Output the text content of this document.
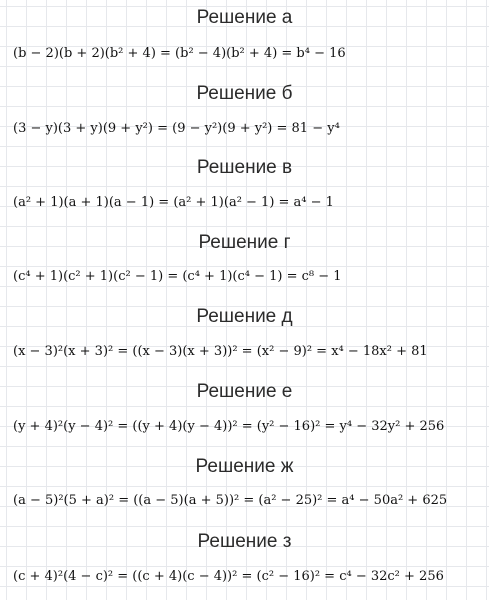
Решение а
(b − 2)(b + 2)(b² + 4) = (b² − 4)(b² + 4) = b⁴ − 16
Решение б
(3 − y)(3 + y)(9 + y²) = (9 − y²)(9 + y²) = 81 − y⁴
Решение в
(a² + 1)(a + 1)(a − 1) = (a² + 1)(a² − 1) = a⁴ − 1
Решение г
(c⁴ + 1)(c² + 1)(c² − 1) = (c⁴ + 1)(c⁴ − 1) = c⁸ − 1
Решение д
(x − 3)²(x + 3)² = ((x − 3)(x + 3))² = (x² − 9)² = x⁴ − 18x² + 81
Решение е
(y + 4)²(y − 4)² = ((y + 4)(y − 4))² = (y² − 16)² = y⁴ − 32y² + 256
Решение ж
(a − 5)²(5 + a)² = ((a − 5)(a + 5))² = (a² − 25)² = a⁴ − 50a² + 625
Решение з
(c + 4)²(4 − c)² = ((c + 4)(c − 4))² = (c² − 16)² = c⁴ − 32c² + 256
